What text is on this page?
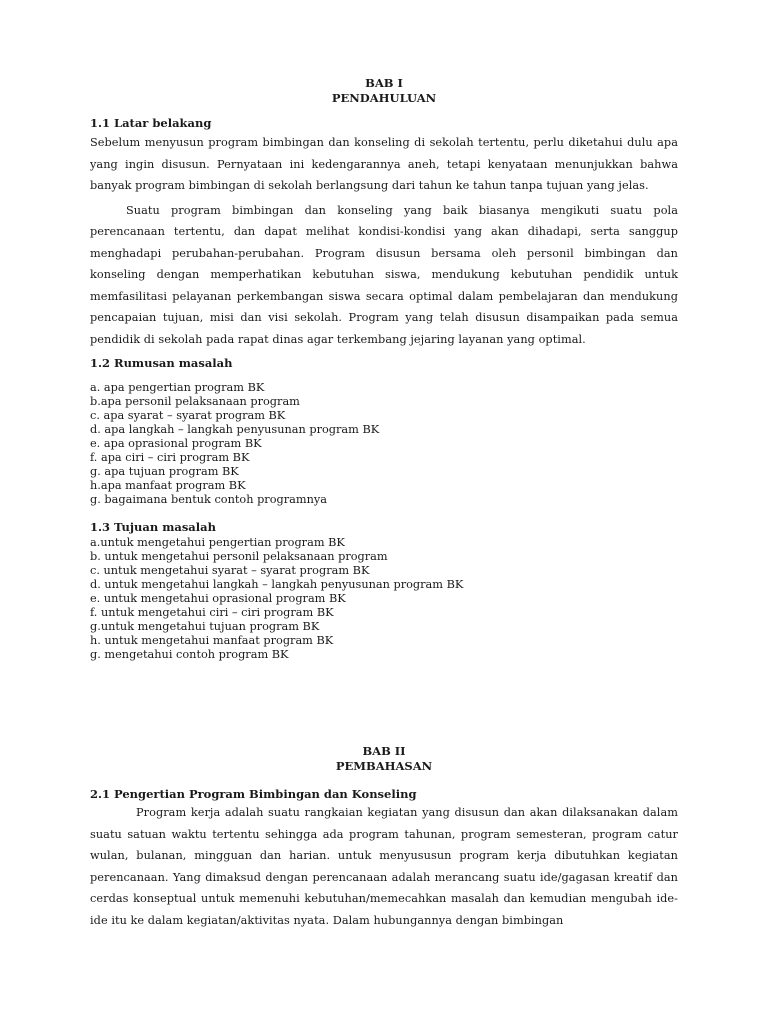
BAB I
PENDAHULUAN

1.1 Latar belakang

Sebelum menyusun program bimbingan dan konseling di sekolah tertentu, perlu diketahui dulu apa yang ingin disusun. Pernyataan ini kedengarannya aneh, tetapi kenyataan menunjukkan bahwa banyak program bimbingan di sekolah berlangsung dari tahun ke tahun tanpa tujuan yang jelas.

Suatu program bimbingan dan konseling yang baik biasanya mengikuti suatu pola perencanaan tertentu, dan dapat melihat kondisi-kondisi yang akan dihadapi, serta sanggup menghadapi perubahan-perubahan. Program disusun bersama oleh personil bimbingan dan konseling dengan memperhatikan kebutuhan siswa, mendukung kebutuhan pendidik untuk memfasilitasi pelayanan perkembangan siswa secara optimal dalam pembelajaran dan mendukung pencapaian tujuan, misi dan visi sekolah. Program yang telah disusun disampaikan pada semua pendidik di sekolah pada rapat dinas agar terkembang jejaring layanan yang optimal.

1.2 Rumusan masalah

a. apa pengertian program BK
b.apa personil pelaksanaan program
c. apa syarat – syarat program BK
d. apa langkah – langkah penyusunan program BK
e. apa oprasional program BK
f. apa ciri – ciri program BK
g. apa tujuan program BK
h.apa manfaat program BK
g. bagaimana bentuk contoh programnya

1.3 Tujuan masalah

a.untuk mengetahui pengertian program BK
b. untuk mengetahui personil pelaksanaan program
c. untuk mengetahui syarat – syarat program BK
d. untuk mengetahui langkah – langkah penyusunan program BK
e. untuk mengetahui oprasional program BK
f. untuk mengetahui ciri – ciri program BK
g.untuk mengetahui tujuan program BK
h. untuk mengetahui manfaat program BK
g. mengetahui contoh program BK
BAB II
PEMBAHASAN

2.1 Pengertian Program Bimbingan dan Konseling

Program kerja adalah suatu rangkaian kegiatan yang disusun dan akan dilaksanakan dalam suatu satuan waktu tertentu sehingga ada program tahunan, program semesteran, program catur wulan, bulanan, mingguan dan harian. untuk menyususun program kerja dibutuhkan kegiatan perencanaan. Yang dimaksud dengan perencanaan adalah merancang suatu ide/gagasan kreatif dan cerdas konseptual untuk memenuhi kebutuhan/memecahkan masalah dan kemudian mengubah ide-ide itu ke dalam kegiatan/aktivitas nyata. Dalam hubungannya dengan bimbingan
